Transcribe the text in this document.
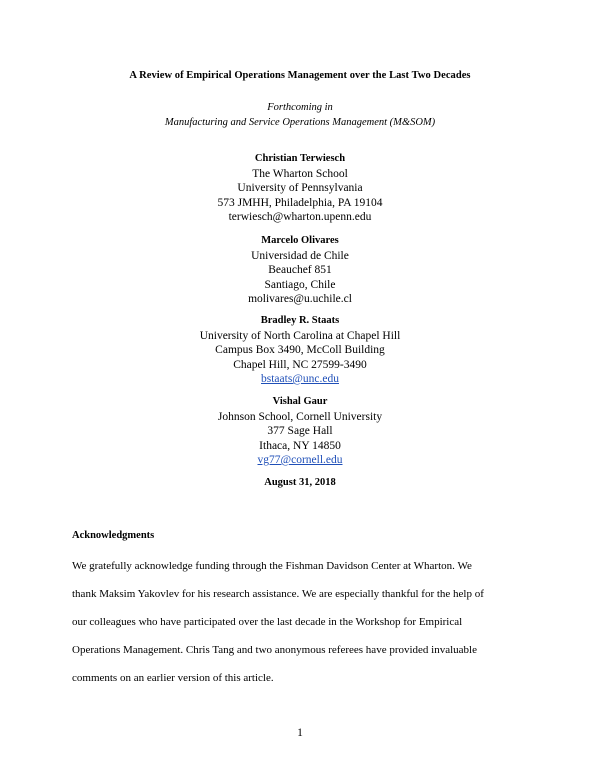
A Review of Empirical Operations Management over the Last Two Decades
Forthcoming in
Manufacturing and Service Operations Management (M&SOM)
Christian Terwiesch
The Wharton School
University of Pennsylvania
573 JMHH, Philadelphia, PA 19104
terwiesch@wharton.upenn.edu
Marcelo Olivares
Universidad de Chile
Beauchef 851
Santiago, Chile
molivares@u.uchile.cl
Bradley R. Staats
University of North Carolina at Chapel Hill
Campus Box 3490, McColl Building
Chapel Hill, NC 27599-3490
bstaats@unc.edu
Vishal Gaur
Johnson School, Cornell University
377 Sage Hall
Ithaca, NY 14850
vg77@cornell.edu
August 31, 2018
Acknowledgments
We gratefully acknowledge funding through the Fishman Davidson Center at Wharton. We
thank Maksim Yakovlev for his research assistance. We are especially thankful for the help of
our colleagues who have participated over the last decade in the Workshop for Empirical
Operations Management. Chris Tang and two anonymous referees have provided invaluable
comments on an earlier version of this article.
1
